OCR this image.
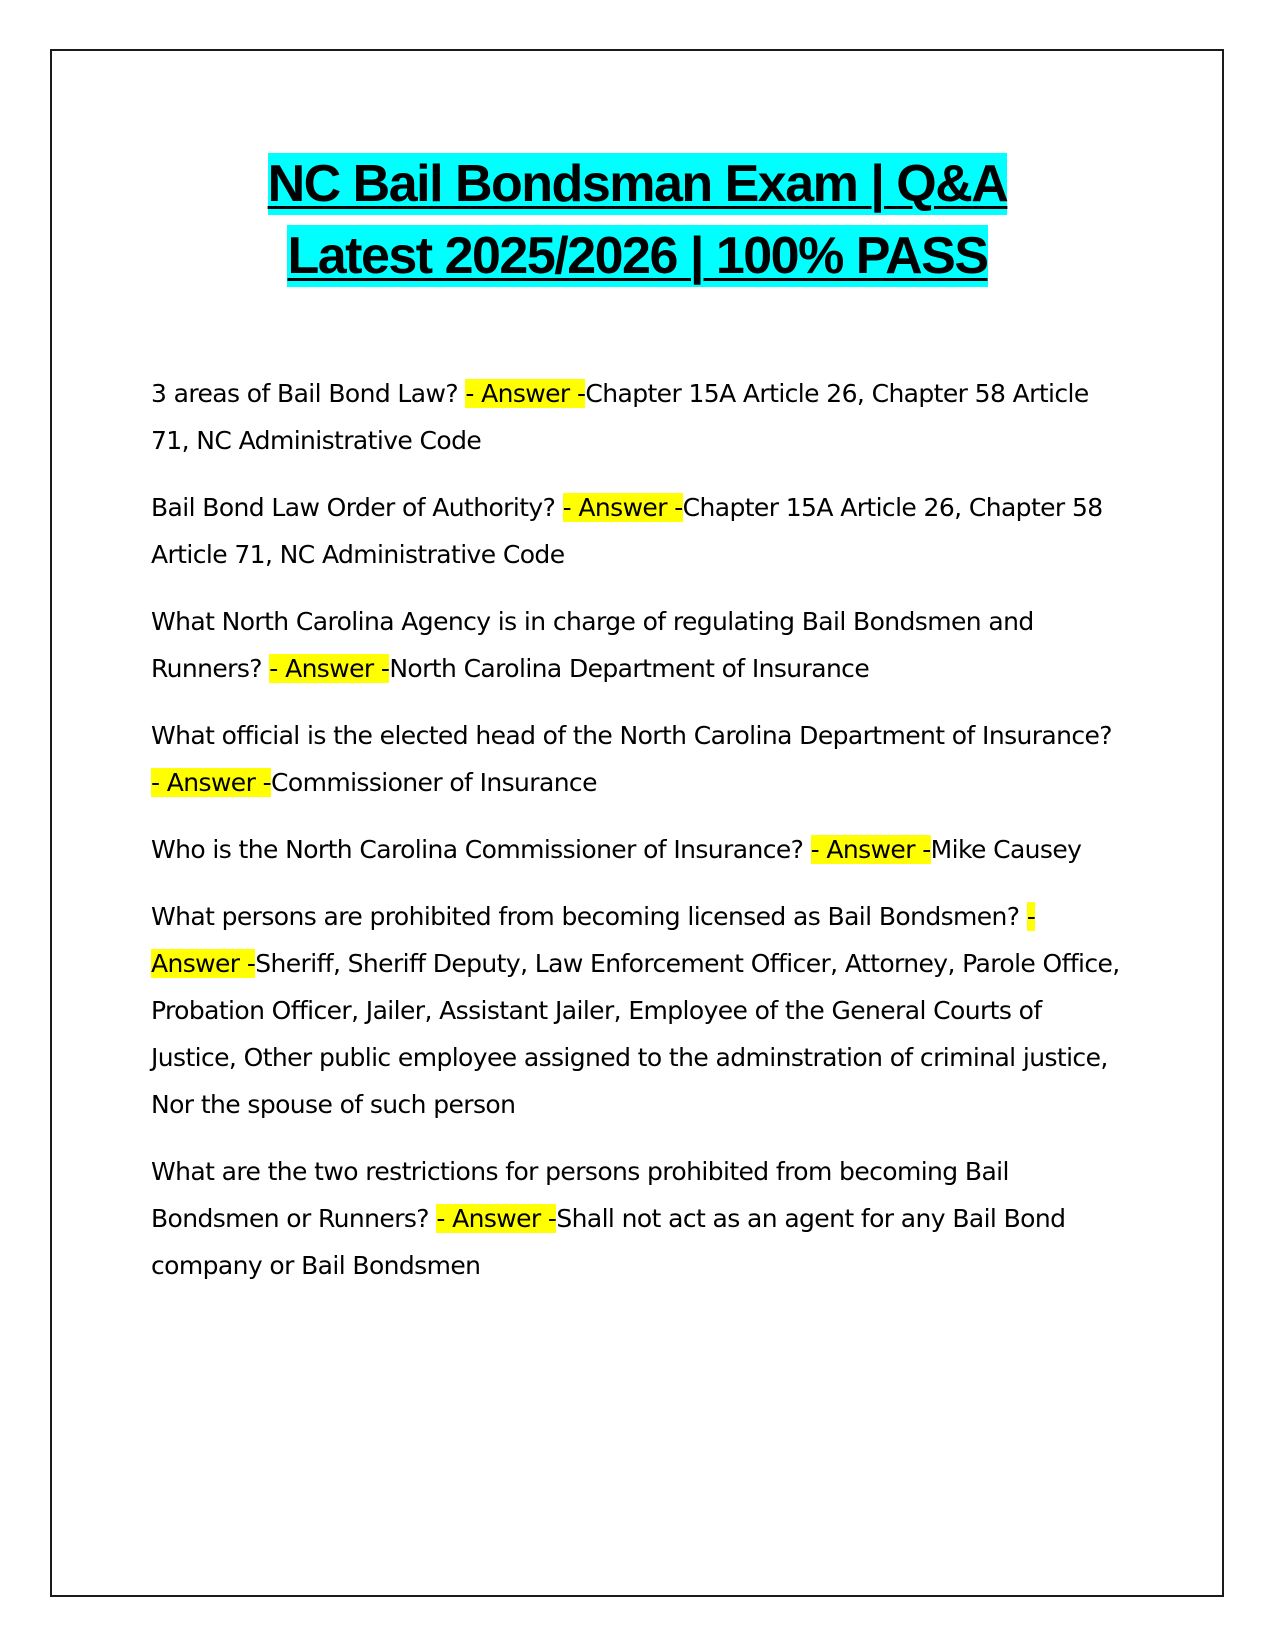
NC Bail Bondsman Exam | Q&A
Latest 2025/2026 | 100% PASS

3 areas of Bail Bond Law? - Answer -Chapter 15A Article 26, Chapter 58 Article 71, NC Administrative Code

Bail Bond Law Order of Authority? - Answer -Chapter 15A Article 26, Chapter 58 Article 71, NC Administrative Code

What North Carolina Agency is in charge of regulating Bail Bondsmen and Runners? - Answer -North Carolina Department of Insurance

What official is the elected head of the North Carolina Department of Insurance? - Answer -Commissioner of Insurance

Who is the North Carolina Commissioner of Insurance? - Answer -Mike Causey

What persons are prohibited from becoming licensed as Bail Bondsmen? - Answer -Sheriff, Sheriff Deputy, Law Enforcement Officer, Attorney, Parole Office, Probation Officer, Jailer, Assistant Jailer, Employee of the General Courts of Justice, Other public employee assigned to the adminstration of criminal justice, Nor the spouse of such person

What are the two restrictions for persons prohibited from becoming Bail Bondsmen or Runners? - Answer -Shall not act as an agent for any Bail Bond company or Bail Bondsmen
